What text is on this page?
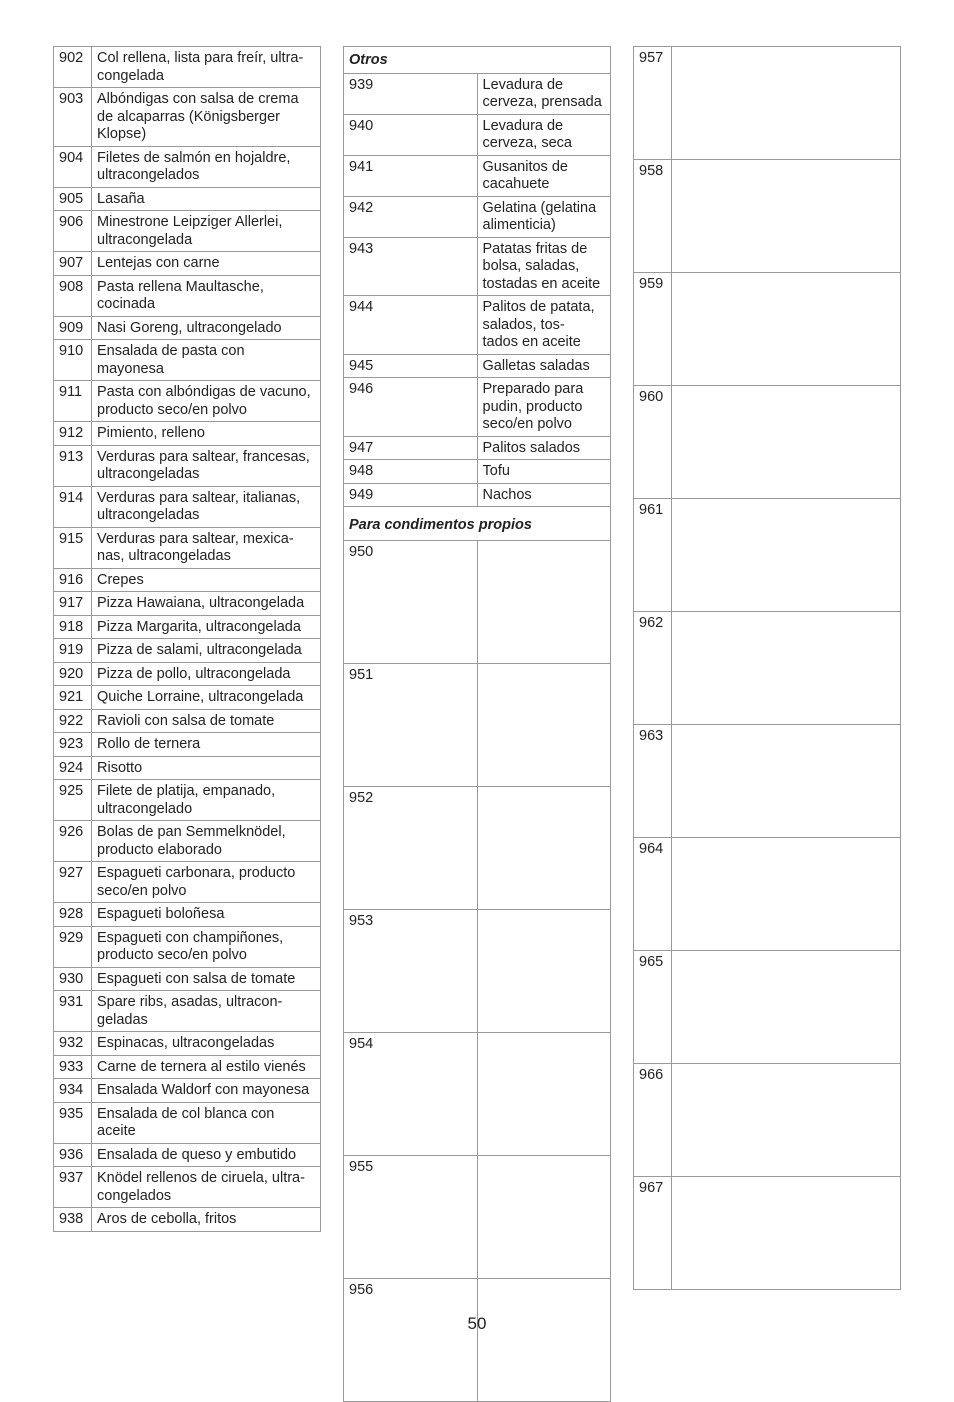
902	Col rellena, lista para freír, ultra-
congelada
903	Albóndigas con salsa de crema
de alcaparras (Königsberger
Klopse)
904	Filetes de salmón en hojaldre,
ultracongelados
905	Lasaña
906	Minestrone Leipziger Allerlei,
ultracongelada
907	Lentejas con carne
908	Pasta rellena Maultasche,
cocinada
909	Nasi Goreng, ultracongelado
910	Ensalada de pasta con
mayonesa
911	Pasta con albóndigas de vacuno,
producto seco/en polvo
912	Pimiento, relleno
913	Verduras para saltear, francesas,
ultracongeladas
914	Verduras para saltear, italianas,
ultracongeladas
915	Verduras para saltear, mexica-
nas, ultracongeladas
916	Crepes
917	Pizza Hawaiana, ultracongelada
918	Pizza Margarita, ultracongelada
919	Pizza de salami, ultracongelada
920	Pizza de pollo, ultracongelada
921	Quiche Lorraine, ultracongelada
922	Ravioli con salsa de tomate
923	Rollo de ternera
924	Risotto
925	Filete de platija, empanado,
ultracongelado
926	Bolas de pan Semmelknödel,
producto elaborado
927	Espagueti carbonara, producto
seco/en polvo
928	Espagueti boloñesa
929	Espagueti con champiñones,
producto seco/en polvo
930	Espagueti con salsa de tomate
931	Spare ribs, asadas, ultracon-
geladas
932	Espinacas, ultracongeladas
933	Carne de ternera al estilo vienés
934	Ensalada Waldorf con mayonesa
935	Ensalada de col blanca con
aceite
936	Ensalada de queso y embutido
937	Knödel rellenos de ciruela, ultra-
congelados
938	Aros de cebolla, fritos
Otros	
939	Levadura de cerveza, prensada
940	Levadura de cerveza, seca
941	Gusanitos de cacahuete
942	Gelatina (gelatina alimenticia)
943	Patatas fritas de bolsa, saladas,
tostadas en aceite
944	Palitos de patata, salados, tos-
tados en aceite
945	Galletas saladas
946	Preparado para pudin, producto
seco/en polvo
947	Palitos salados
948	Tofu
949	Nachos
Para condimentos propios	
950	
951	
952	
953	
954	
955	
956	
957	
958	
959	
960	
961	
962	
963	
964	
965	
966	
967	
50
